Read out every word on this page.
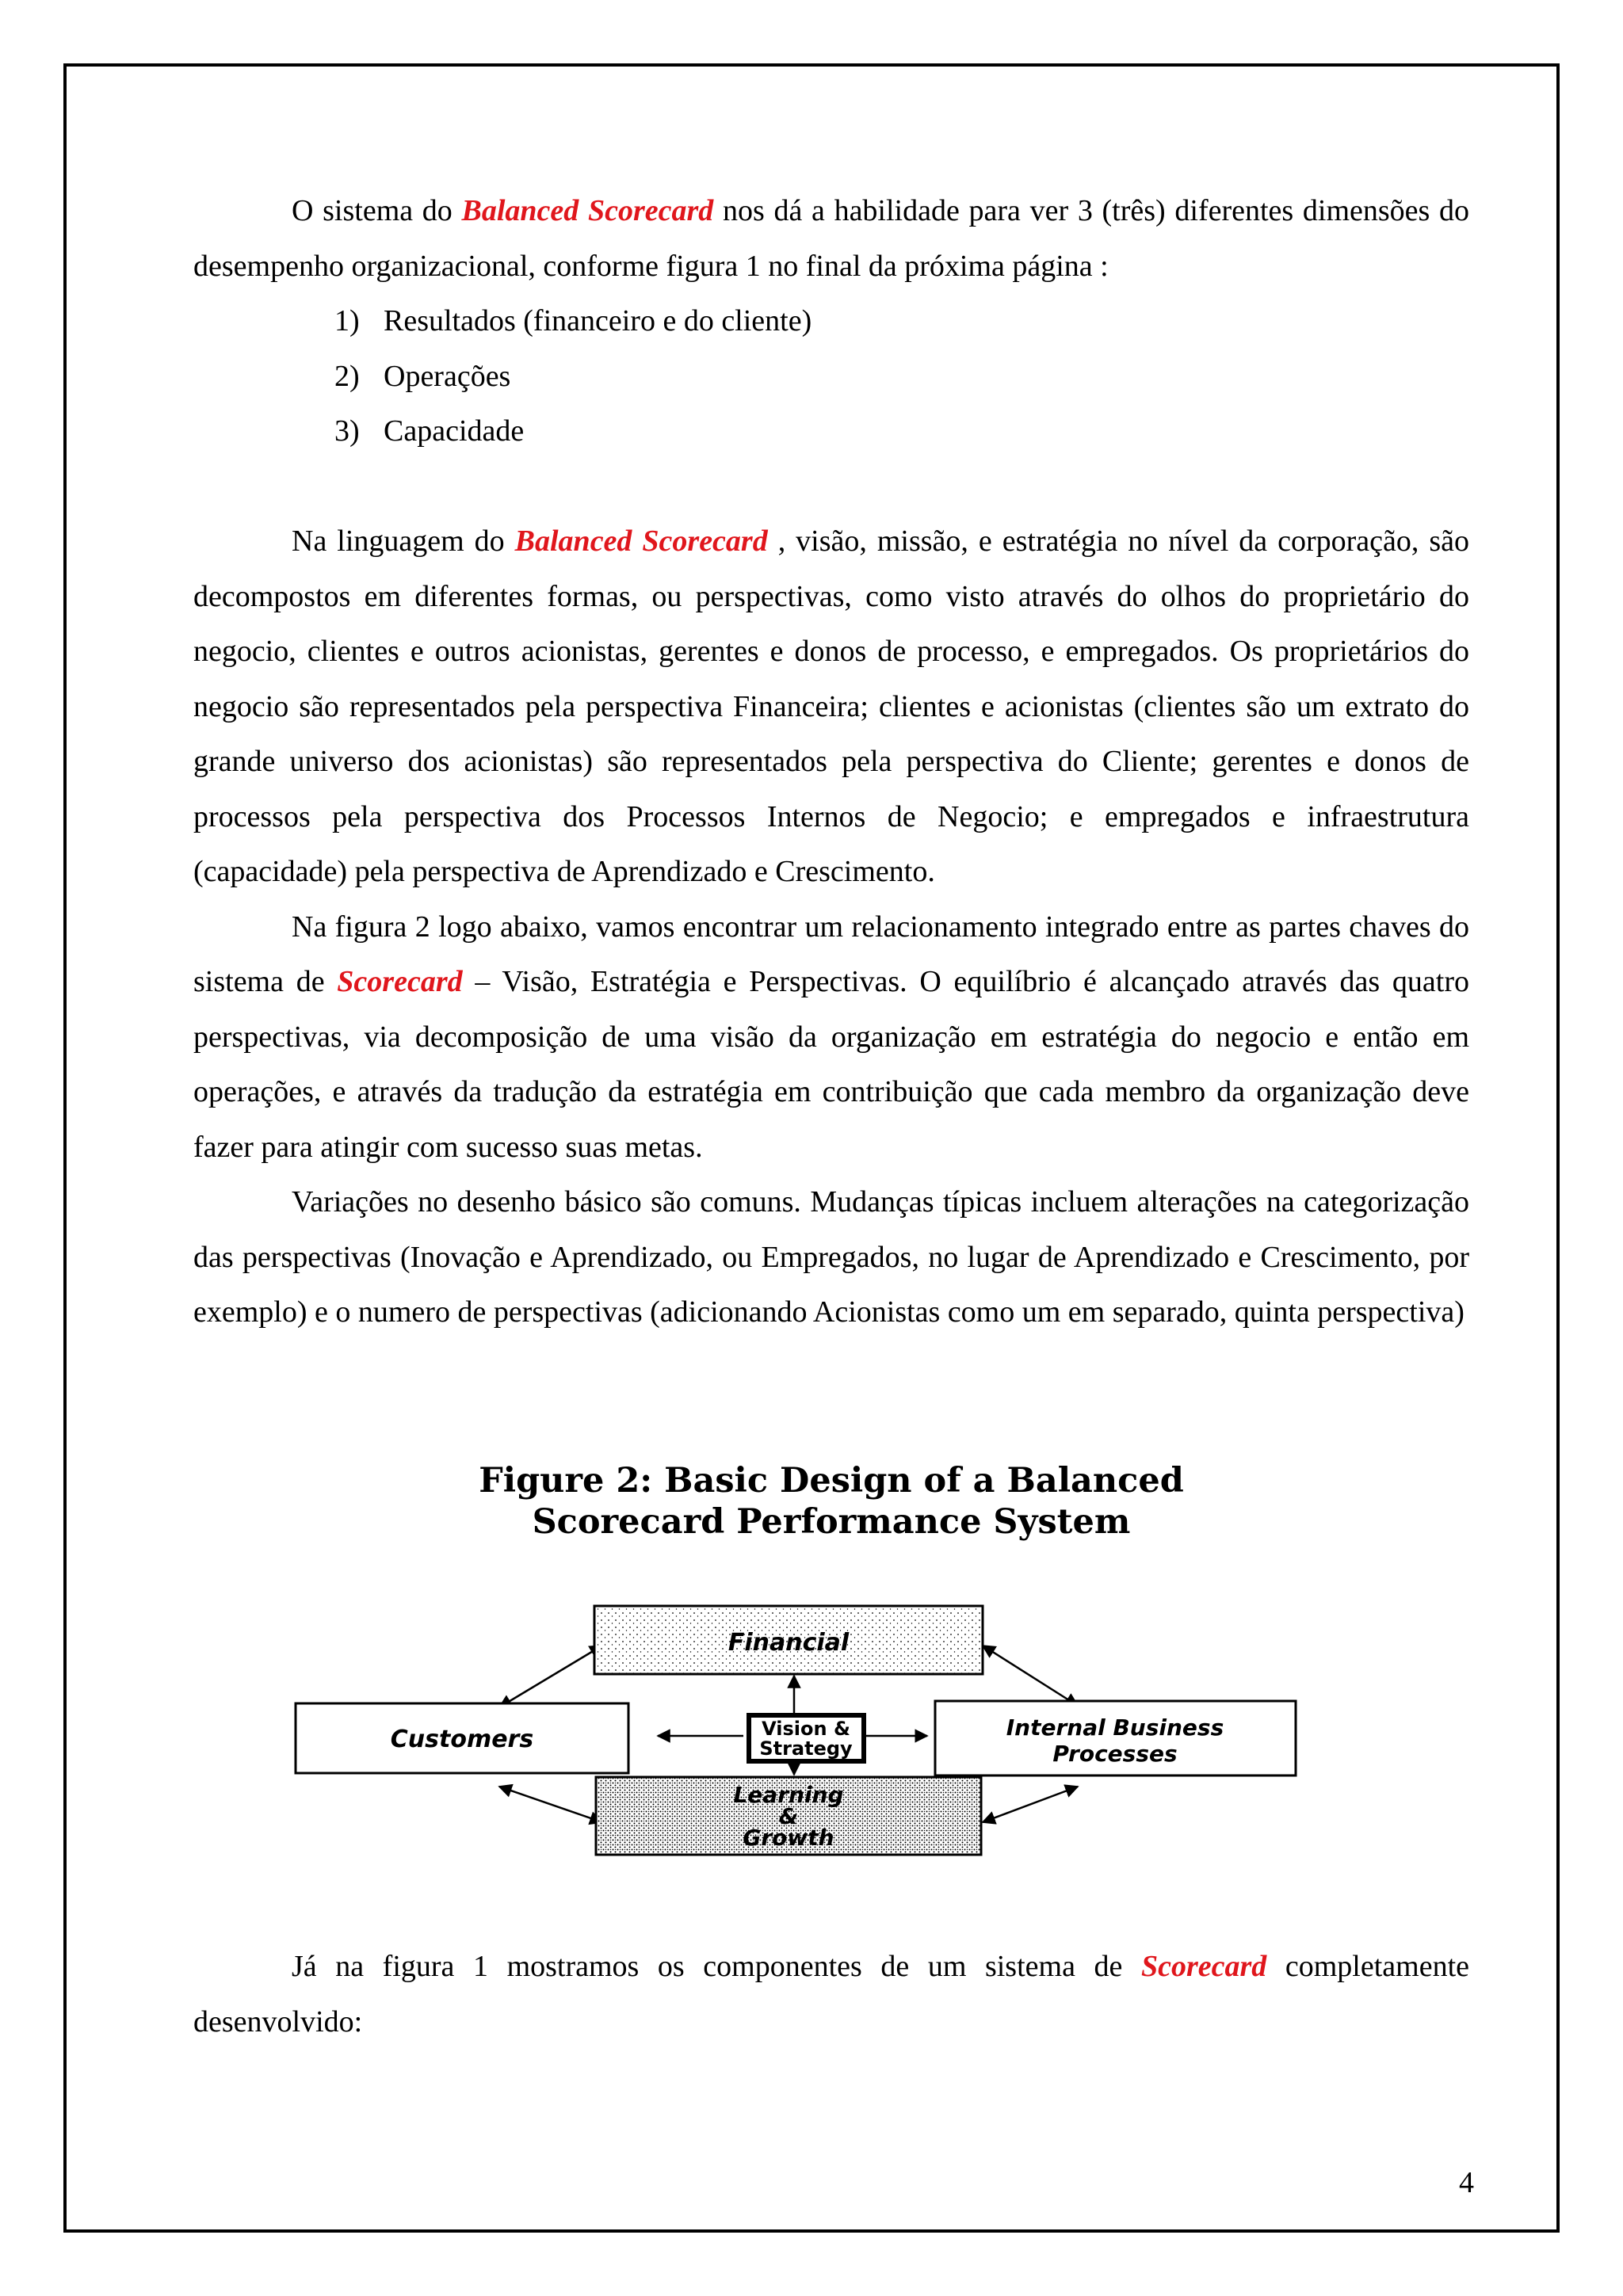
O sistema do Balanced Scorecard nos dá a habilidade para ver 3 (três) diferentes dimensões do desempenho organizacional, conforme figura 1 no final da próxima página :

1) Resultados (financeiro e do cliente)
2) Operações
3) Capacidade

Na linguagem do Balanced Scorecard , visão, missão, e estratégia no nível da corporação, são decompostos em diferentes formas, ou perspectivas, como visto através do olhos do proprietário do negocio, clientes e outros acionistas, gerentes e donos de processo, e empregados. Os proprietários do negocio são representados pela perspectiva Financeira; clientes e acionistas (clientes são um extrato do grande universo dos acionistas) são representados pela perspectiva do Cliente; gerentes e donos de processos pela perspectiva dos Processos Internos de Negocio; e empregados e infraestrutura (capacidade) pela perspectiva de Aprendizado e Crescimento.

Na figura 2 logo abaixo, vamos encontrar um relacionamento integrado entre as partes chaves do sistema de Scorecard – Visão, Estratégia e Perspectivas. O equilíbrio é alcançado através das quatro perspectivas, via decomposição de uma visão da organização em estratégia do negocio e então em operações, e através da tradução da estratégia em contribuição que cada membro da organização deve fazer para atingir com sucesso suas metas.

Variações no desenho básico são comuns. Mudanças típicas incluem alterações na categorização das perspectivas (Inovação e Aprendizado, ou Empregados, no lugar de Aprendizado e Crescimento, por exemplo) e o numero de perspectivas (adicionando Acionistas como um em separado, quinta perspectiva)

Figure 2: Basic Design of a Balanced
Scorecard Performance System
Financial
Customers	Vision &
Strategy
Internal Business
Processes
Learning
&
Growth

Já na figura 1 mostramos os componentes de um sistema de Scorecard completamente desenvolvido:

4
